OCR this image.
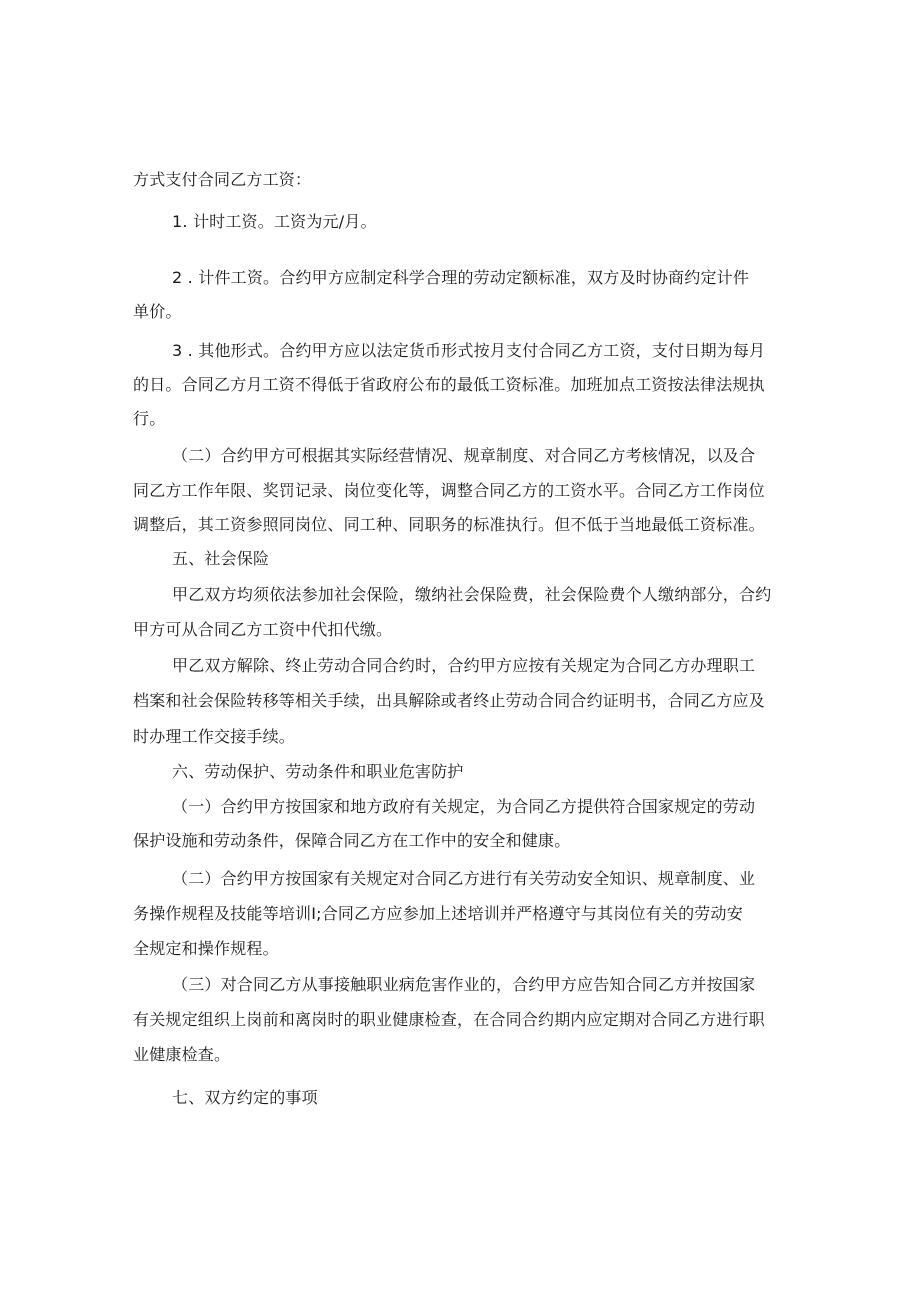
方式支付合同乙方工资：
1. 计时工资。工资为元/月。
2 . 计件工资。合约甲方应制定科学合理的劳动定额标准，双方及时协商约定计件
单价。
3 . 其他形式。合约甲方应以法定货币形式按月支付合同乙方工资，支付日期为每月
的日。合同乙方月工资不得低于省政府公布的最低工资标准。加班加点工资按法律法规执
行。
（二）合约甲方可根据其实际经营情况、规章制度、对合同乙方考核情况，以及合
同乙方工作年限、奖罚记录、岗位变化等，调整合同乙方的工资水平。合同乙方工作岗位
调整后，其工资参照同岗位、同工种、同职务的标准执行。但不低于当地最低工资标准。
五、社会保险
甲乙双方均须依法参加社会保险，缴纳社会保险费，社会保险费个人缴纳部分，合约
甲方可从合同乙方工资中代扣代缴。
甲乙双方解除、终止劳动合同合约时，合约甲方应按有关规定为合同乙方办理职工
档案和社会保险转移等相关手续，出具解除或者终止劳动合同合约证明书，合同乙方应及
时办理工作交接手续。
六、劳动保护、劳动条件和职业危害防护
（一）合约甲方按国家和地方政府有关规定，为合同乙方提供符合国家规定的劳动
保护设施和劳动条件，保障合同乙方在工作中的安全和健康。
（二）合约甲方按国家有关规定对合同乙方进行有关劳动安全知识、规章制度、业
务操作规程及技能等培训I;合同乙方应参加上述培训并严格遵守与其岗位有关的劳动安
全规定和操作规程。
（三）对合同乙方从事接触职业病危害作业的，合约甲方应告知合同乙方并按国家
有关规定组织上岗前和离岗时的职业健康检查，在合同合约期内应定期对合同乙方进行职
业健康检查。
七、双方约定的事项
